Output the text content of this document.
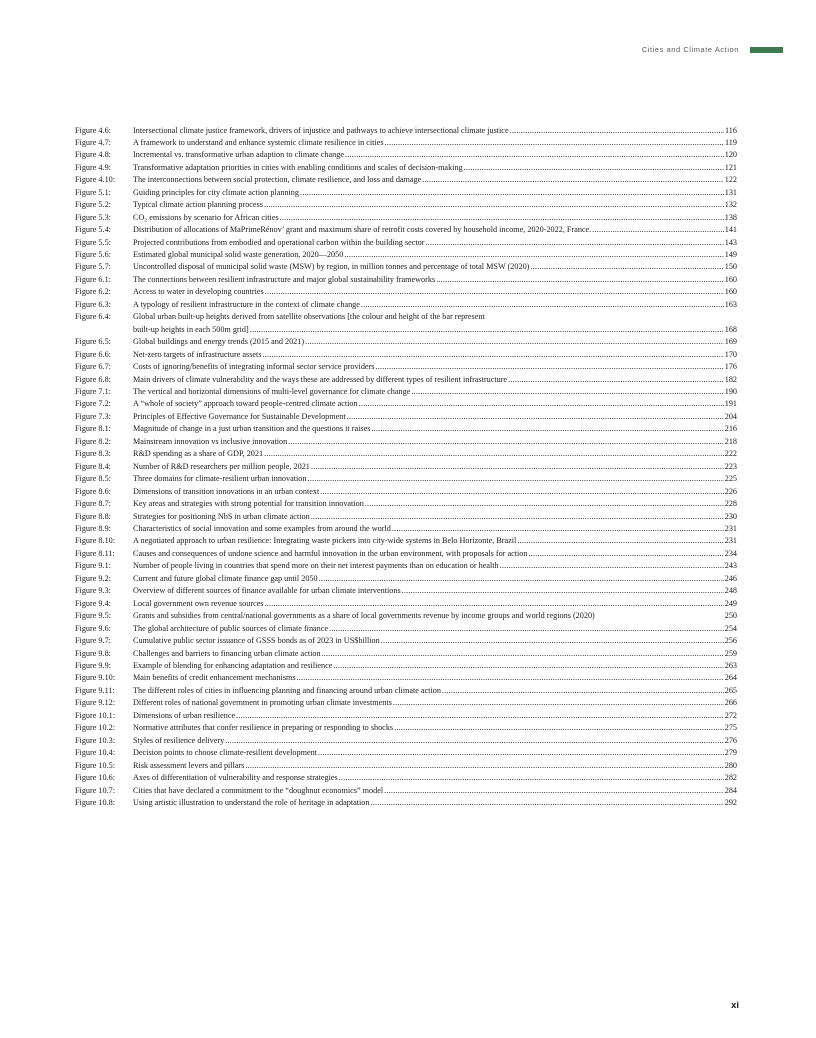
Cities and Climate Action
Figure 4.6:	Intersectional climate justice framework, drivers of injustice and pathways to achieve intersectional climate justice .....	116
Figure 4.7:	A framework to understand and enhance systemic climate resilience in cities .....	119
Figure 4.8:	Incremental vs. transformative urban adaption to climate change .....	120
Figure 4.9:	Transformative adaptation priorities in cities with enabling conditions and scales of decision-making .....	121
Figure 4.10:	The interconnections between social protection, climate resilience, and loss and damage .....	122
Figure 5.1:	Guiding principles for city climate action planning .....	131
Figure 5.2:	Typical climate action planning process .....	132
Figure 5.3:	CO₂ emissions by scenario for African cities .....	138
Figure 5.4:	Distribution of allocations of MaPrimeRénov’ grant and maximum share of retrofit costs covered by household income, 2020-2022, France. .....	141
Figure 5.5:	Projected contributions from embodied and operational carbon within the building sector .....	143
Figure 5.6:	Estimated global municipal solid waste generation, 2020—2050 .....	149
Figure 5.7:	Uncontrolled disposal of municipal solid waste (MSW) by region, in million tonnes and percentage of total MSW (2020) .....	150
Figure 6.1:	The connections between resilient infrastructure and major global sustainability frameworks .....	160
Figure 6.2:	Access to water in developing countries .....	160
Figure 6.3:	A typology of resilient infrastructure in the context of climate change .....	163
Figure 6.4:	Global urban built-up heights derived from satellite observations [the colour and height of the bar represent
built-up heights in each 500m grid] .....	168
Figure 6.5:	Global buildings and energy trends (2015 and 2021) .....	169
Figure 6.6:	Net-zero targets of infrastructure assets .....	170
Figure 6.7:	Costs of ignoring/benefits of integrating informal sector service providers .....	176
Figure 6.8:	Main drivers of climate vulnerability and the ways these are addressed by different types of resilient infrastructure .....	182
Figure 7.1:	The vertical and horizontal dimensions of multi-level governance for climate change .....	190
Figure 7.2:	A “whole of society” approach toward people-centred climate action .....	191
Figure 7.3:	Principles of Effective Governance for Sustainable Development .....	204
Figure 8.1:	Magnitude of change in a just urban transition and the questions it raises .....	216
Figure 8.2:	Mainstream innovation vs inclusive innovation .....	218
Figure 8.3:	R&D spending as a share of GDP, 2021 .....	222
Figure 8.4:	Number of R&D researchers per million people, 2021 .....	223
Figure 8.5:	Three domains for climate-resilient urban innovation .....	225
Figure 8.6:	Dimensions of transition innovations in an urban context .....	226
Figure 8.7:	Key areas and strategies with strong potential for transition innovation .....	228
Figure 8.8:	Strategies for positioning NbS in urban climate action .....	230
Figure 8.9:	Characteristics of social innovation and some examples from around the world .....	231
Figure 8.10:	A negotiated approach to urban resilience: Integrating waste pickers into city-wide systems in Belo Horizonte, Brazil .....	231
Figure 8.11:	Causes and consequences of undone science and harmful innovation in the urban environment, with proposals for action .....	234
Figure 9.1:	Number of people living in countries that spend more on their net interest payments than on education or health .....	243
Figure 9.2:	Current and future global climate finance gap until 2050 .....	246
Figure 9.3:	Overview of different sources of finance available for urban climate interventions .....	248
Figure 9.4:	Local government own revenue sources .....	249
Figure 9.5:	Grants and subsidies from central/national governments as a share of local governments revenue by income groups and world regions (2020)	250
Figure 9.6:	The global architecture of public sources of climate finance .....	254
Figure 9.7:	Cumulative public sector issuance of GSSS bonds as of 2023 in US$billion .....	256
Figure 9.8:	Challenges and barriers to financing urban climate action .....	259
Figure 9.9:	Example of blending for enhancing adaptation and resilience .....	263
Figure 9.10:	Main benefits of credit enhancement mechanisms .....	264
Figure 9.11:	The different roles of cities in influencing planning and financing around urban climate action .....	265
Figure 9.12:	Different roles of national government in promoting urban climate investments .....	266
Figure 10.1:	Dimensions of urban resilience .....	272
Figure 10.2:	Normative attributes that confer resilience in preparing or responding to shocks .....	275
Figure 10.3:	Styles of resilience delivery .....	276
Figure 10.4:	Decision points to choose climate-resilient development .....	279
Figure 10.5:	Risk assessment levers and pillars .....	280
Figure 10.6:	Axes of differentiation of vulnerability and response strategies .....	282
Figure 10.7:	Cities that have declared a commitment to the “doughnut economics” model .....	284
Figure 10.8:	Using artistic illustration to understand the role of heritage in adaptation .....	292
xi
